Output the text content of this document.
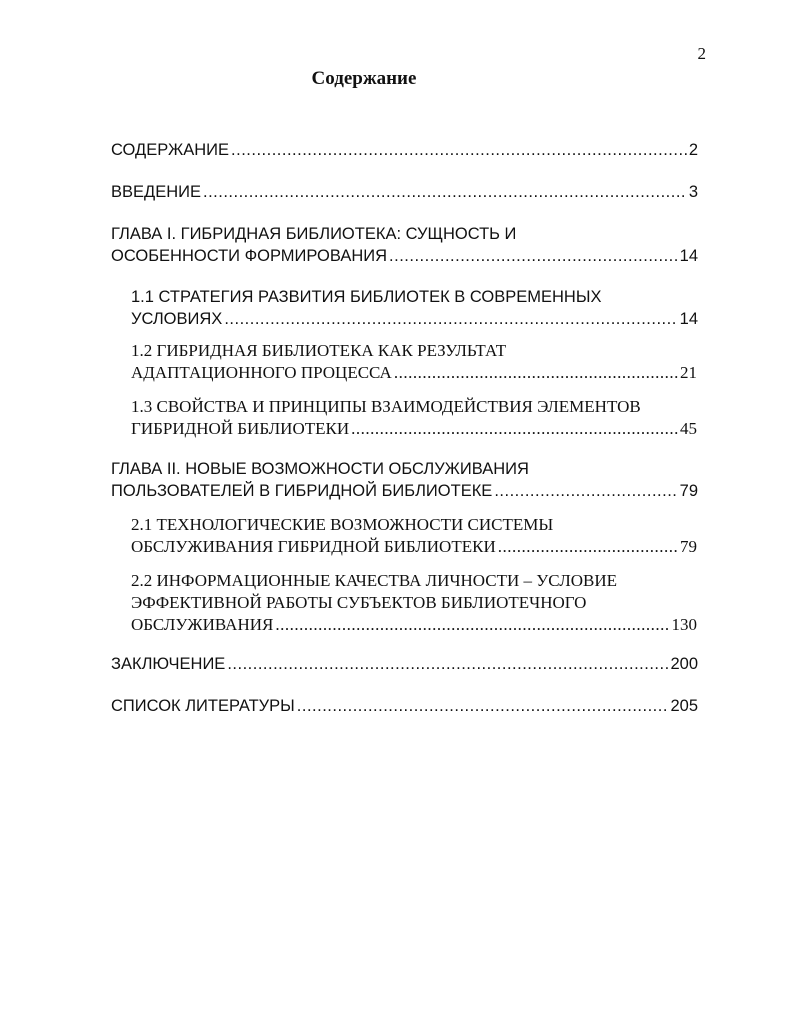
2
Содержание
СОДЕРЖАНИЕ .....	2
ВВЕДЕНИЕ .....	3
ГЛАВА I. ГИБРИДНАЯ БИБЛИОТЕКА: СУЩНОСТЬ И
ОСОБЕННОСТИ ФОРМИРОВАНИЯ .....	14
1.1 СТРАТЕГИЯ РАЗВИТИЯ БИБЛИОТЕК В СОВРЕМЕННЫХ
УСЛОВИЯХ .....	14
1.2 ГИБРИДНАЯ БИБЛИОТЕКА КАК РЕЗУЛЬТАТ
АДАПТАЦИОННОГО ПРОЦЕССА .....	21
1.3 СВОЙСТВА И ПРИНЦИПЫ ВЗАИМОДЕЙСТВИЯ ЭЛЕМЕНТОВ
ГИБРИДНОЙ БИБЛИОТЕКИ .....	45
ГЛАВА II. НОВЫЕ ВОЗМОЖНОСТИ ОБСЛУЖИВАНИЯ
ПОЛЬЗОВАТЕЛЕЙ В ГИБРИДНОЙ БИБЛИОТЕКЕ .....	79
2.1 ТЕХНОЛОГИЧЕСКИЕ ВОЗМОЖНОСТИ СИСТЕМЫ
ОБСЛУЖИВАНИЯ ГИБРИДНОЙ БИБЛИОТЕКИ .....	79
2.2 ИНФОРМАЦИОННЫЕ КАЧЕСТВА ЛИЧНОСТИ – УСЛОВИЕ
ЭФФЕКТИВНОЙ РАБОТЫ СУБЪЕКТОВ БИБЛИОТЕЧНОГО
ОБСЛУЖИВАНИЯ .....	130
ЗАКЛЮЧЕНИЕ .....	200
СПИСОК ЛИТЕРАТУРЫ .....	205
